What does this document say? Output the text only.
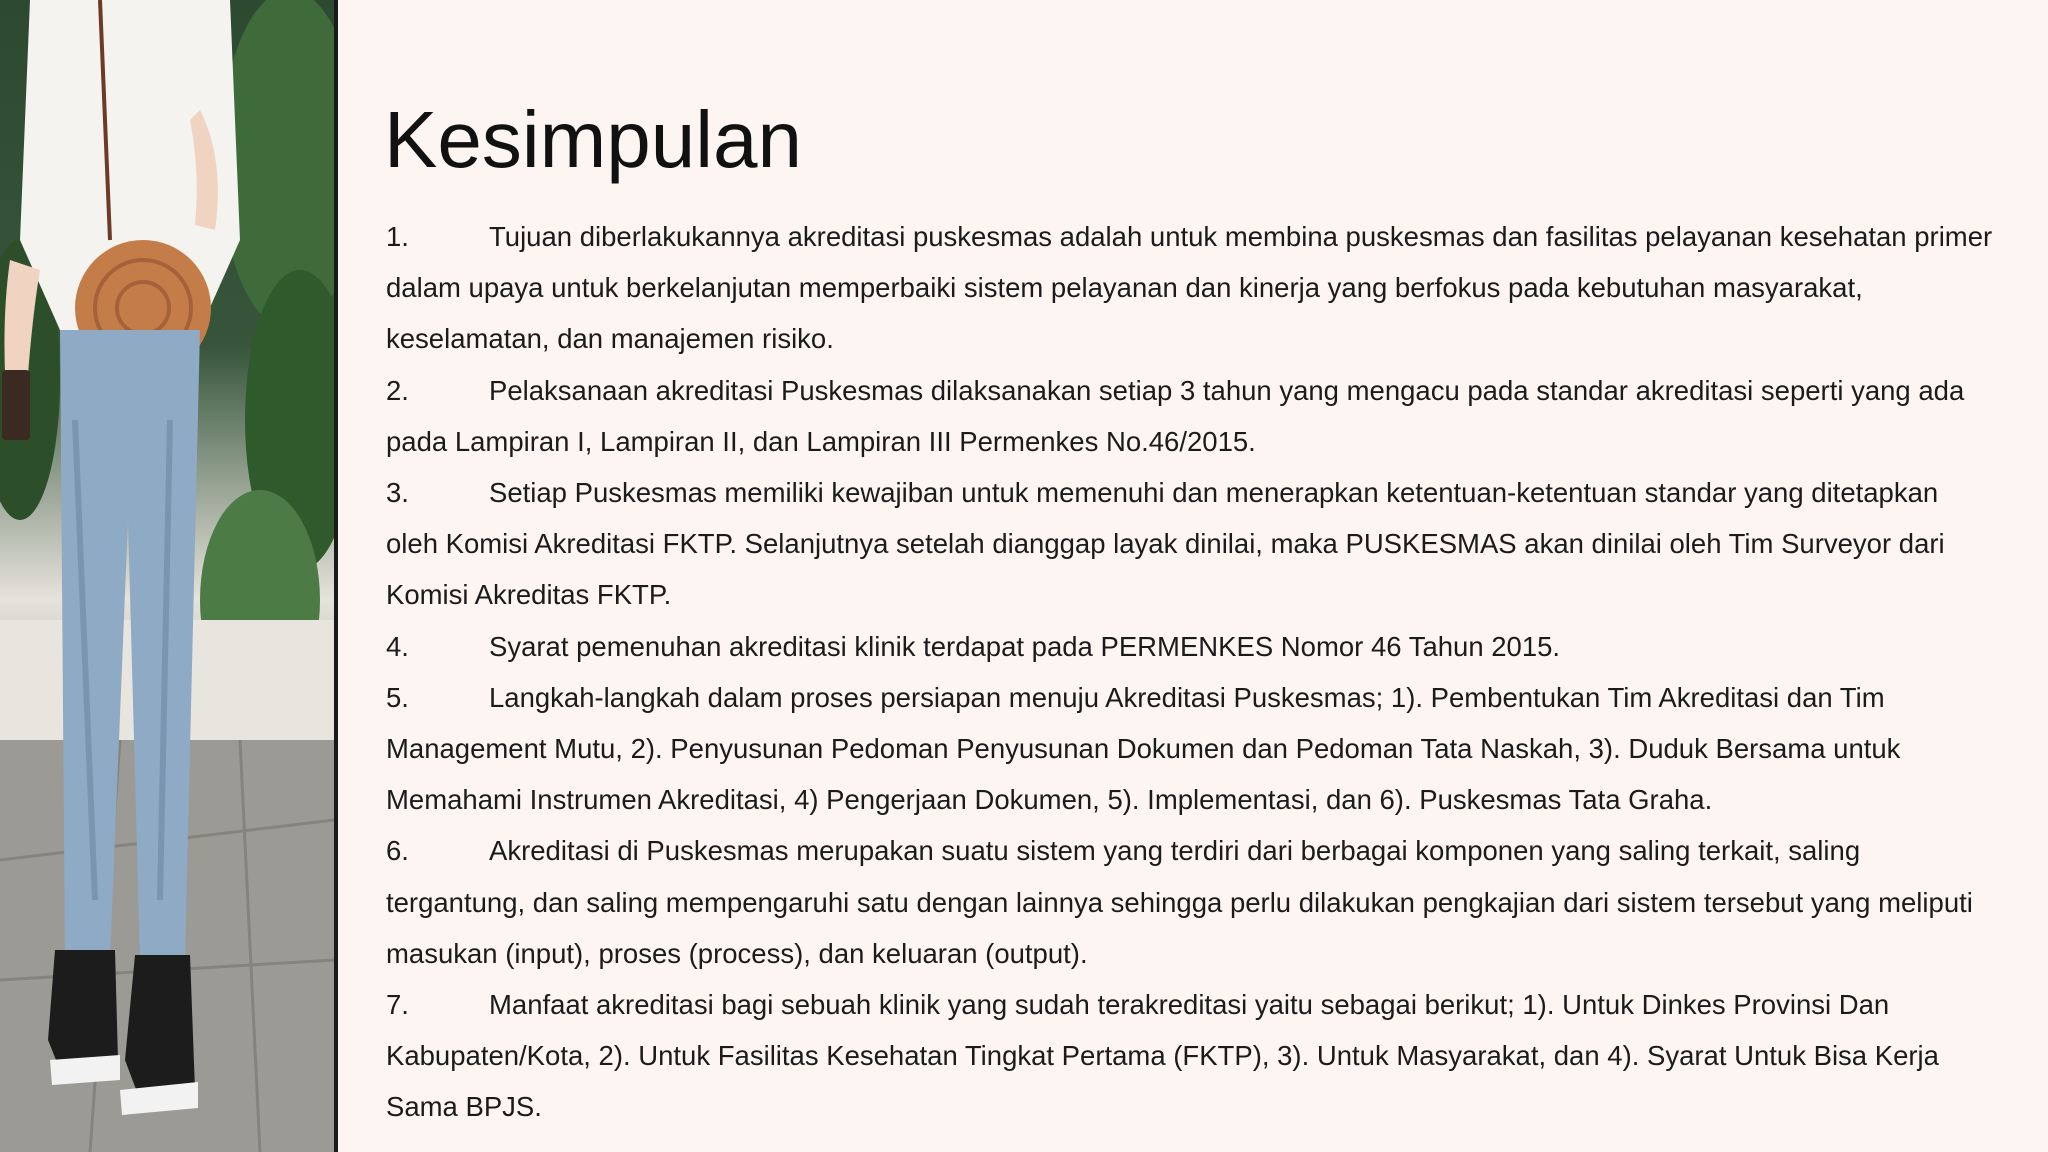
Kesimpulan
1.	Tujuan diberlakukannya akreditasi puskesmas adalah untuk membina puskesmas dan fasilitas pelayanan kesehatan primer dalam upaya untuk berkelanjutan memperbaiki sistem pelayanan dan kinerja yang berfokus pada kebutuhan masyarakat, keselamatan, dan manajemen risiko.
2.	Pelaksanaan akreditasi Puskesmas dilaksanakan setiap 3 tahun yang mengacu pada standar akreditasi seperti yang ada pada Lampiran I, Lampiran II, dan Lampiran III Permenkes No.46/2015.
3.	Setiap Puskesmas memiliki kewajiban untuk memenuhi dan menerapkan ketentuan-ketentuan standar yang ditetapkan oleh Komisi Akreditasi FKTP. Selanjutnya setelah dianggap layak dinilai, maka PUSKESMAS akan dinilai oleh Tim Surveyor dari Komisi Akreditas FKTP.
4.	Syarat pemenuhan akreditasi klinik terdapat pada PERMENKES Nomor 46 Tahun 2015.
5.	Langkah-langkah dalam proses persiapan menuju Akreditasi Puskesmas; 1). Pembentukan Tim Akreditasi dan Tim Management Mutu, 2). Penyusunan Pedoman Penyusunan Dokumen dan Pedoman Tata Naskah, 3). Duduk Bersama untuk Memahami Instrumen Akreditasi, 4) Pengerjaan Dokumen, 5). Implementasi, dan 6). Puskesmas Tata Graha.
6.	Akreditasi di Puskesmas merupakan suatu sistem yang terdiri dari berbagai komponen yang saling terkait, saling tergantung, dan saling mempengaruhi satu dengan lainnya sehingga perlu dilakukan pengkajian dari sistem tersebut yang meliputi masukan (input), proses (process), dan keluaran (output).
7.	Manfaat akreditasi bagi sebuah klinik yang sudah terakreditasi yaitu sebagai berikut; 1). Untuk Dinkes Provinsi Dan Kabupaten/Kota, 2). Untuk Fasilitas Kesehatan Tingkat Pertama (FKTP), 3). Untuk Masyarakat, dan 4). Syarat Untuk Bisa Kerja Sama BPJS.
